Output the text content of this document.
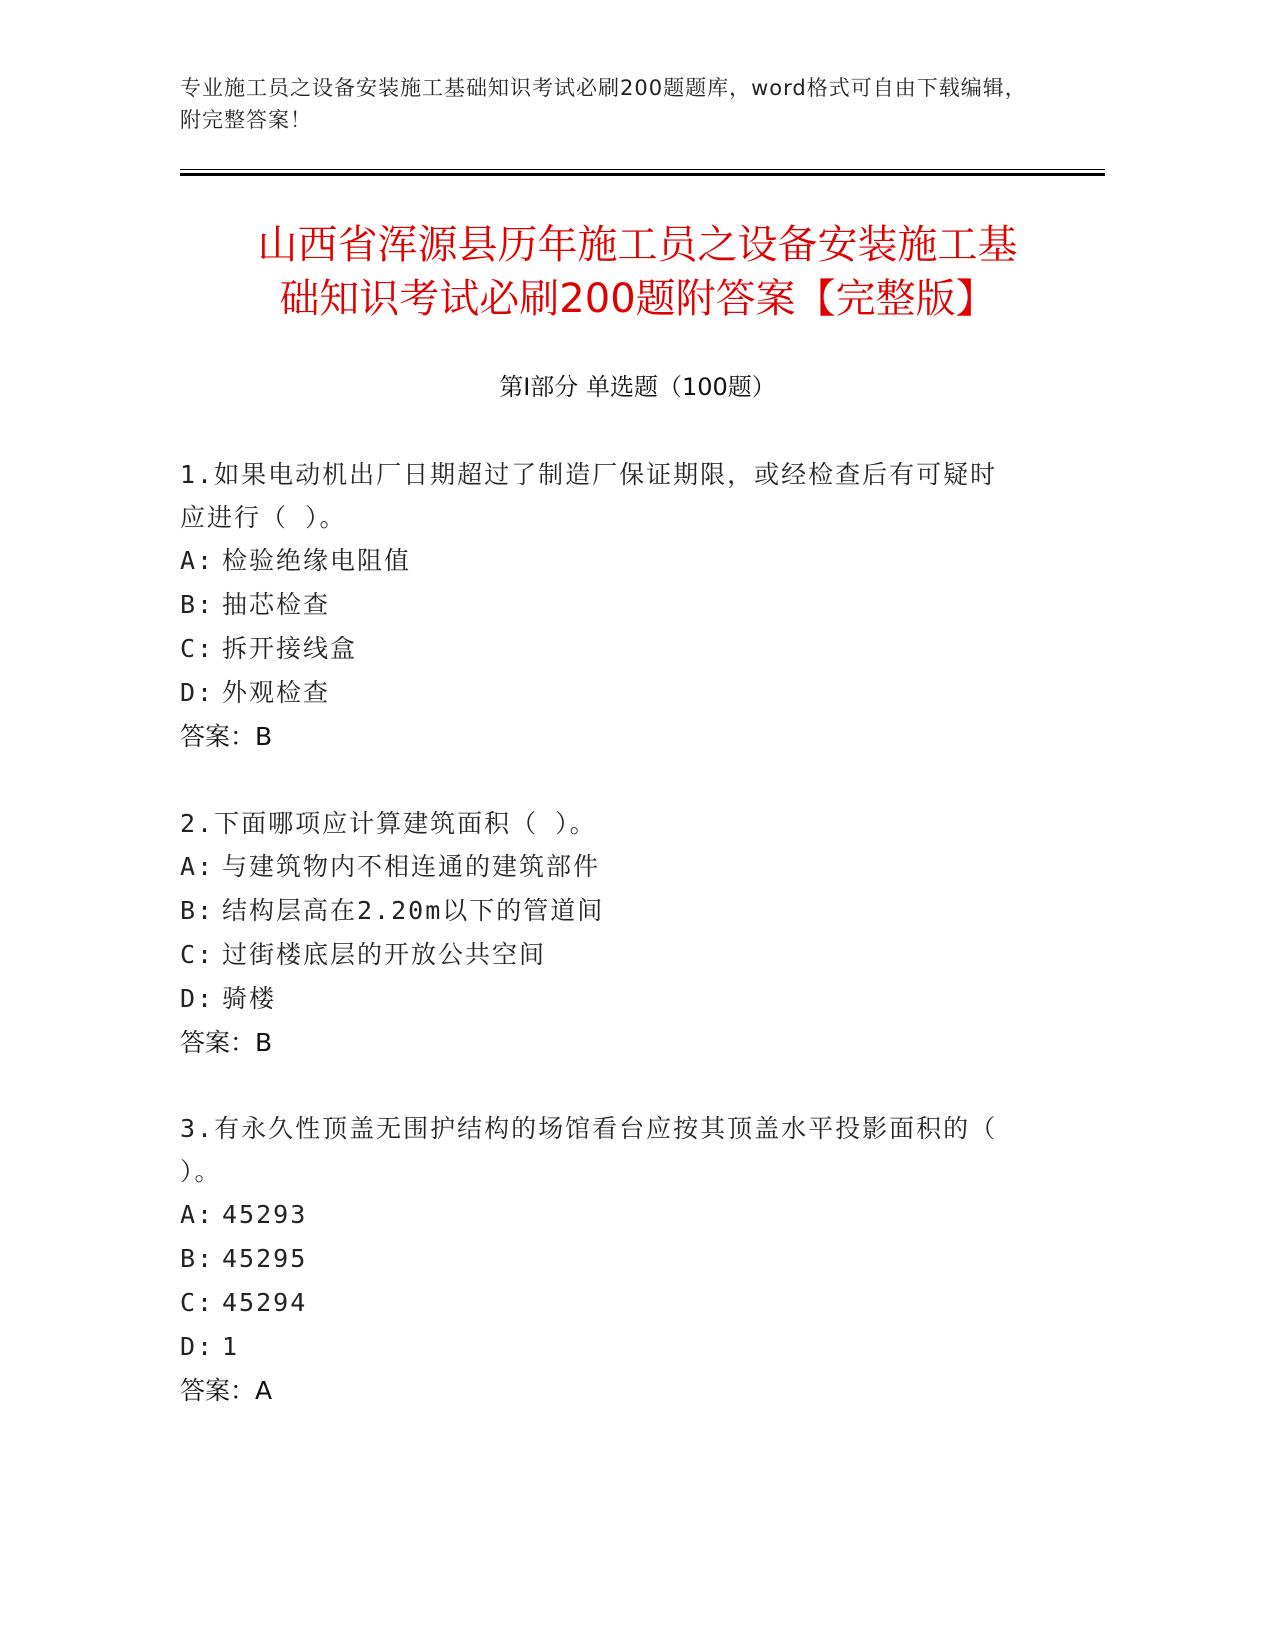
专业施工员之设备安装施工基础知识考试必刷200题题库，word格式可自由下载编辑，附完整答案！
山西省浑源县历年施工员之设备安装施工基
础知识考试必刷200题附答案【完整版】
第Ⅰ部分 单选题（100题）
1.如果电动机出厂日期超过了制造厂保证期限，或经检查后有可疑时
应进行（ ）。
A: 检验绝缘电阻值
B: 抽芯检查
C: 拆开接线盒
D: 外观检查
答案：B
2.下面哪项应计算建筑面积（ ）。
A: 与建筑物内不相连通的建筑部件
B: 结构层高在2.20m以下的管道间
C: 过街楼底层的开放公共空间
D: 骑楼
答案：B
3.有永久性顶盖无围护结构的场馆看台应按其顶盖水平投影面积的（
）。
A: 45293
B: 45295
C: 45294
D: 1
答案：A
